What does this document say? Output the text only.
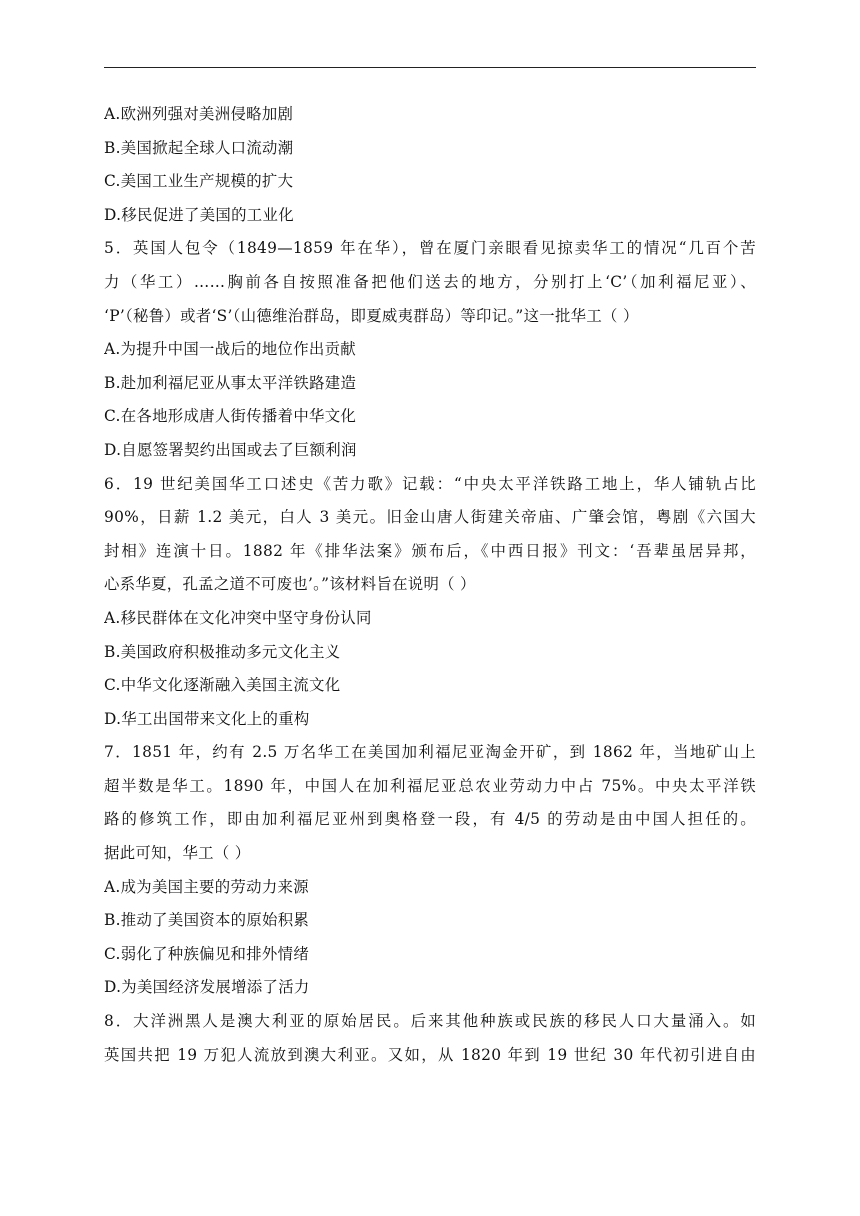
A.欧洲列强对美洲侵略加剧
B.美国掀起全球人口流动潮
C.美国工业生产规模的扩大
D.移民促进了美国的工业化
5．英国人包令（1849—1859 年在华），曾在厦门亲眼看见掠卖华工的情况“几百个苦
力（华工）……胸前各自按照准备把他们送去的地方，分别打上‘C’（加利福尼亚）、
‘P’（秘鲁）或者‘S’（山德维治群岛，即夏威夷群岛）等印记。”这一批华工（ ）
A.为提升中国一战后的地位作出贡献
B.赴加利福尼亚从事太平洋铁路建造
C.在各地形成唐人街传播着中华文化
D.自愿签署契约出国或去了巨额利润
6．19 世纪美国华工口述史《苦力歌》记载：“中央太平洋铁路工地上，华人铺轨占比
90%，日薪 1.2 美元，白人 3 美元。旧金山唐人街建关帝庙、广肇会馆，粤剧《六国大
封相》连演十日。1882 年《排华法案》颁布后，《中西日报》刊文：‘吾辈虽居异邦，
心系华夏，孔孟之道不可废也’。”该材料旨在说明（ ）
A.移民群体在文化冲突中坚守身份认同
B.美国政府积极推动多元文化主义
C.中华文化逐渐融入美国主流文化
D.华工出国带来文化上的重构
7．1851 年，约有 2.5 万名华工在美国加利福尼亚淘金开矿，到 1862 年，当地矿山上
超半数是华工。1890 年，中国人在加利福尼亚总农业劳动力中占 75%。中央太平洋铁
路的修筑工作，即由加利福尼亚州到奥格登一段，有 4/5 的劳动是由中国人担任的。
据此可知，华工（ ）
A.成为美国主要的劳动力来源
B.推动了美国资本的原始积累
C.弱化了种族偏见和排外情绪
D.为美国经济发展增添了活力
8．大洋洲黑人是澳大利亚的原始居民。后来其他种族或民族的移民人口大量涌入。如
英国共把 19 万犯人流放到澳大利亚。又如，从 1820 年到 19 世纪 30 年代初引进自由
